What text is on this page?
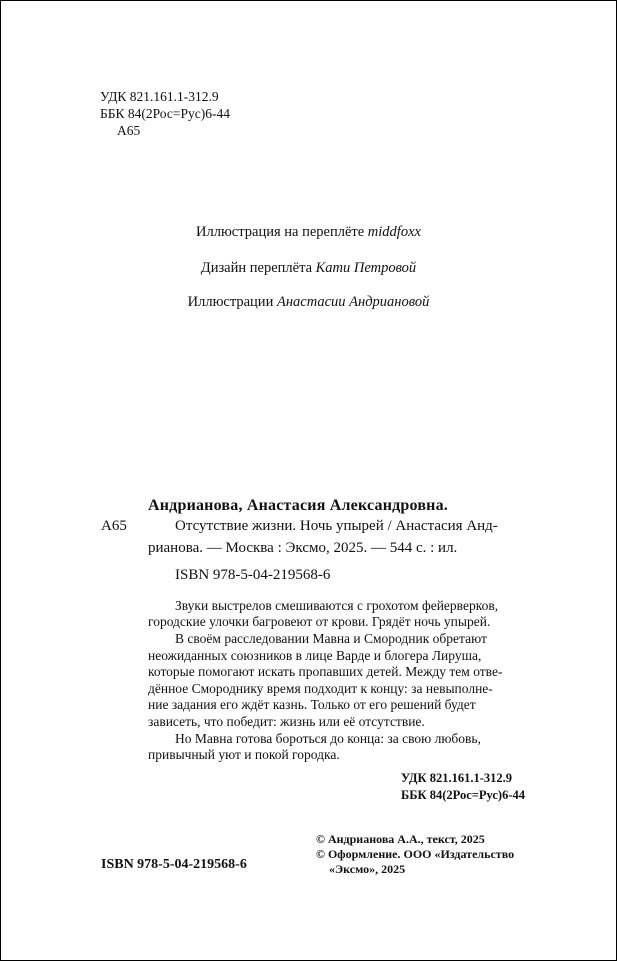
УДК 821.161.1-312.9
ББК 84(2Рос=Рус)6-44
А65
Иллюстрация на переплёте middfoxx
Дизайн переплёта Кати Петровой
Иллюстрации Анастасии Андриановой
Андрианова, Анастасия Александровна.
А65	Отсутствие жизни. Ночь упырей / Анастасия Анд-
рианова. — Москва : Эксмо, 2025. — 544 с. : ил.
ISBN 978-5-04-219568-6
Звуки выстрелов смешиваются с грохотом фейерверков,
городские улочки багровеют от крови. Грядёт ночь упырей.
В своём расследовании Мавна и Смородник обретают
неожиданных союзников в лице Варде и блогера Лируша,
которые помогают искать пропавших детей. Между тем отве-
дённое Смороднику время подходит к концу: за невыполне-
ние задания его ждёт казнь. Только от его решений будет
зависеть, что победит: жизнь или её отсутствие.
Но Мавна готова бороться до конца: за свою любовь,
привычный уют и покой городка.
УДК 821.161.1-312.9
ББК 84(2Рос=Рус)6-44
ISBN 978-5-04-219568-6
© Андрианова А.А., текст, 2025
© Оформление. ООО «Издательство
«Эксмо», 2025
